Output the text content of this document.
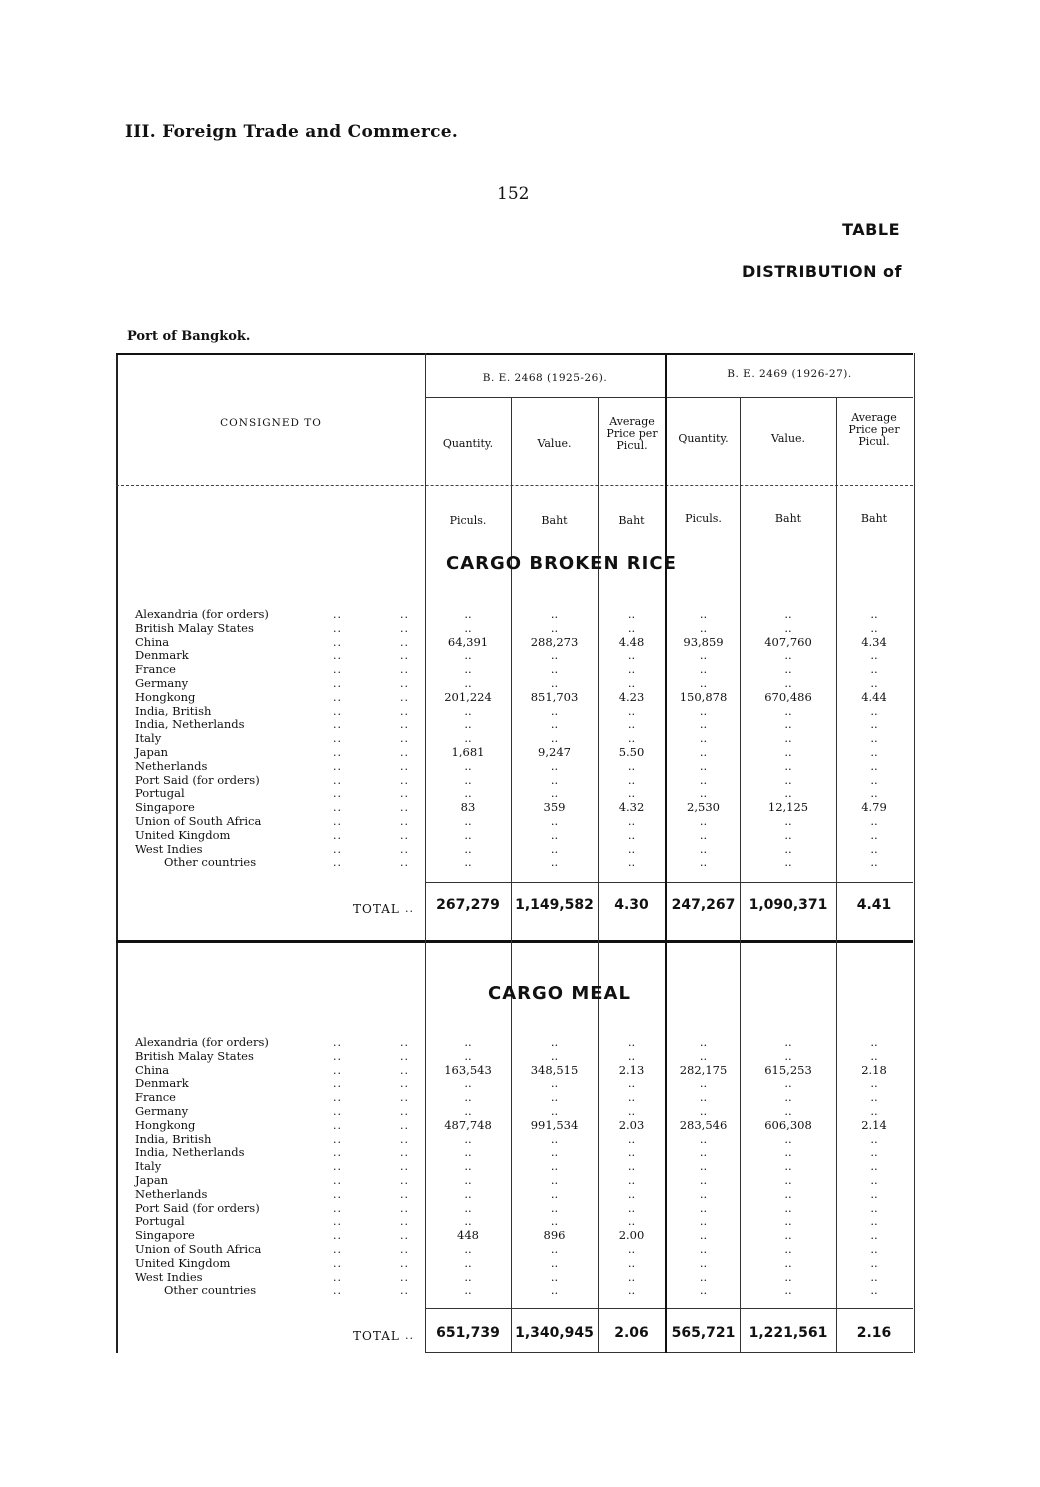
III. Foreign Trade and Commerce.
152
TABLE
DISTRIBUTION of
Port of Bangkok.
B. E. 2468 (1925-26).	B. E. 2469 (1926-27).
CONSIGNED TO
Quantity.	Value.
Average Price per Picul.
Quantity.	Value.
Average Price per Picul.
Piculs.	Baht	Baht	Piculs.	Baht	Baht
CARGO BROKEN RICE
CARGO MEAL
Alexandria (for orders)	..	..	..	..	..	..	..	..
British Malay States	..	..	..	..	..	..	..	..
China	..	..	64,391	288,273	4.48	93,859	407,760	4.34
Denmark	..	..	..	..	..	..	..	..
France	..	..	..	..	..	..	..	..
Germany	..	..	..	..	..	..	..	..
Hongkong	..	..	201,224	851,703	4.23	150,878	670,486	4.44
India, British	..	..	..	..	..	..	..	..
India, Netherlands	..	..	..	..	..	..	..	..
Italy	..	..	..	..	..	..	..	..
Japan	..	..	1,681	9,247	5.50	..	..	..
Netherlands	..	..	..	..	..	..	..	..
Port Said (for orders)	..	..	..	..	..	..	..	..
Portugal	..	..	..	..	..	..	..	..
Singapore	..	..	83	359	4.32	2,530	12,125	4.79
Union of South Africa	..	..	..	..	..	..	..	..
United Kingdom	..	..	..	..	..	..	..	..
West Indies	..	..	..	..	..	..	..	..
Other countries	..	..	..	..	..	..	..	..
Alexandria (for orders)	..	..	..	..	..	..	..	..
British Malay States	..	..	..	..	..	..	..	..
China	..	..	163,543	348,515	2.13	282,175	615,253	2.18
Denmark	..	..	..	..	..	..	..	..
France	..	..	..	..	..	..	..	..
Germany	..	..	..	..	..	..	..	..
Hongkong	..	..	487,748	991,534	2.03	283,546	606,308	2.14
India, British	..	..	..	..	..	..	..	..
India, Netherlands	..	..	..	..	..	..	..	..
Italy	..	..	..	..	..	..	..	..
Japan	..	..	..	..	..	..	..	..
Netherlands	..	..	..	..	..	..	..	..
Port Said (for orders)	..	..	..	..	..	..	..	..
Portugal	..	..	..	..	..	..	..	..
Singapore	..	..	448	896	2.00	..	..	..
Union of South Africa	..	..	..	..	..	..	..	..
United Kingdom	..	..	..	..	..	..	..	..
West Indies	..	..	..	..	..	..	..	..
Other countries	..	..	..	..	..	..	..	..
TOTAL ..	267,279	1,149,582	4.30	247,267 1,090,371	4.41
TOTAL ..	651,739	1,340,945	2.06	565,721 1,221,561	2.16
